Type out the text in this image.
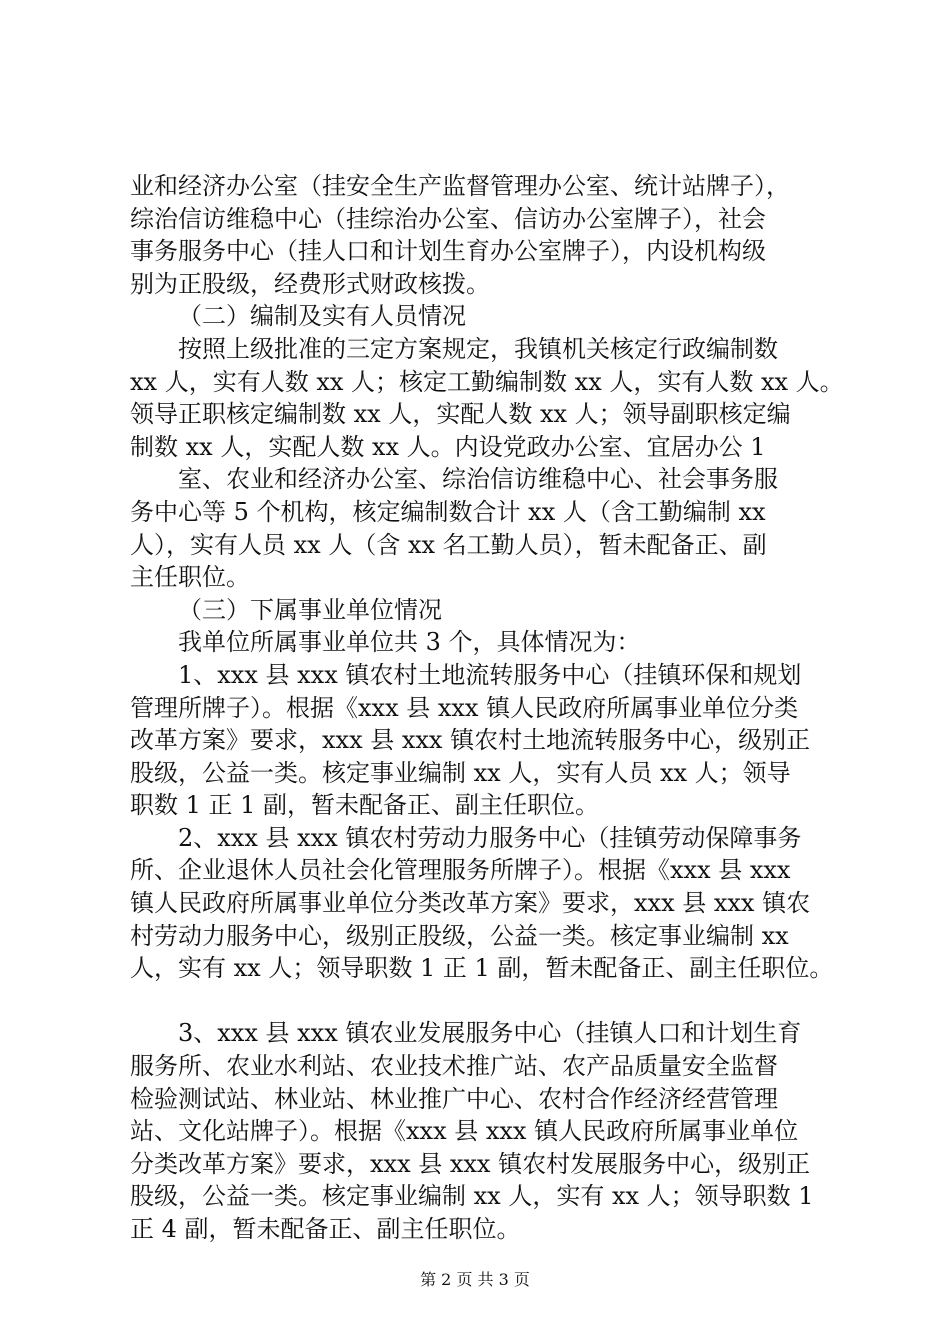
业和经济办公室（挂安全生产监督管理办公室、统计站牌子），
综治信访维稳中心（挂综治办公室、信访办公室牌子），社会
事务服务中心（挂人口和计划生育办公室牌子），内设机构级
别为正股级，经费形式财政核拨。
（二）编制及实有人员情况
按照上级批准的三定方案规定，我镇机关核定行政编制数
xx 人，实有人数 xx 人；核定工勤编制数 xx 人，实有人数 xx 人。
领导正职核定编制数 xx 人，实配人数 xx 人；领导副职核定编
制数 xx 人，实配人数 xx 人。内设党政办公室、宜居办公 1
室、农业和经济办公室、综治信访维稳中心、社会事务服
务中心等 5 个机构，核定编制数合计 xx 人（含工勤编制 xx
人），实有人员 xx 人（含 xx 名工勤人员），暂未配备正、副
主任职位。
（三）下属事业单位情况
我单位所属事业单位共 3 个，具体情况为：
1、xxx 县 xxx 镇农村土地流转服务中心（挂镇环保和规划
管理所牌子）。根据《xxx 县 xxx 镇人民政府所属事业单位分类
改革方案》要求，xxx 县 xxx 镇农村土地流转服务中心，级别正
股级，公益一类。核定事业编制 xx 人，实有人员 xx 人；领导
职数 1 正 1 副，暂未配备正、副主任职位。
2、xxx 县 xxx 镇农村劳动力服务中心（挂镇劳动保障事务
所、企业退休人员社会化管理服务所牌子）。根据《xxx 县 xxx
镇人民政府所属事业单位分类改革方案》要求，xxx 县 xxx 镇农
村劳动力服务中心，级别正股级，公益一类。核定事业编制 xx
人，实有 xx 人；领导职数 1 正 1 副，暂未配备正、副主任职位。
3、xxx 县 xxx 镇农业发展服务中心（挂镇人口和计划生育
服务所、农业水利站、农业技术推广站、农产品质量安全监督
检验测试站、林业站、林业推广中心、农村合作经济经营管理
站、文化站牌子）。根据《xxx 县 xxx 镇人民政府所属事业单位
分类改革方案》要求，xxx 县 xxx 镇农村发展服务中心，级别正
股级，公益一类。核定事业编制 xx 人，实有 xx 人；领导职数 1
正 4 副，暂未配备正、副主任职位。
第 2 页 共 3 页
